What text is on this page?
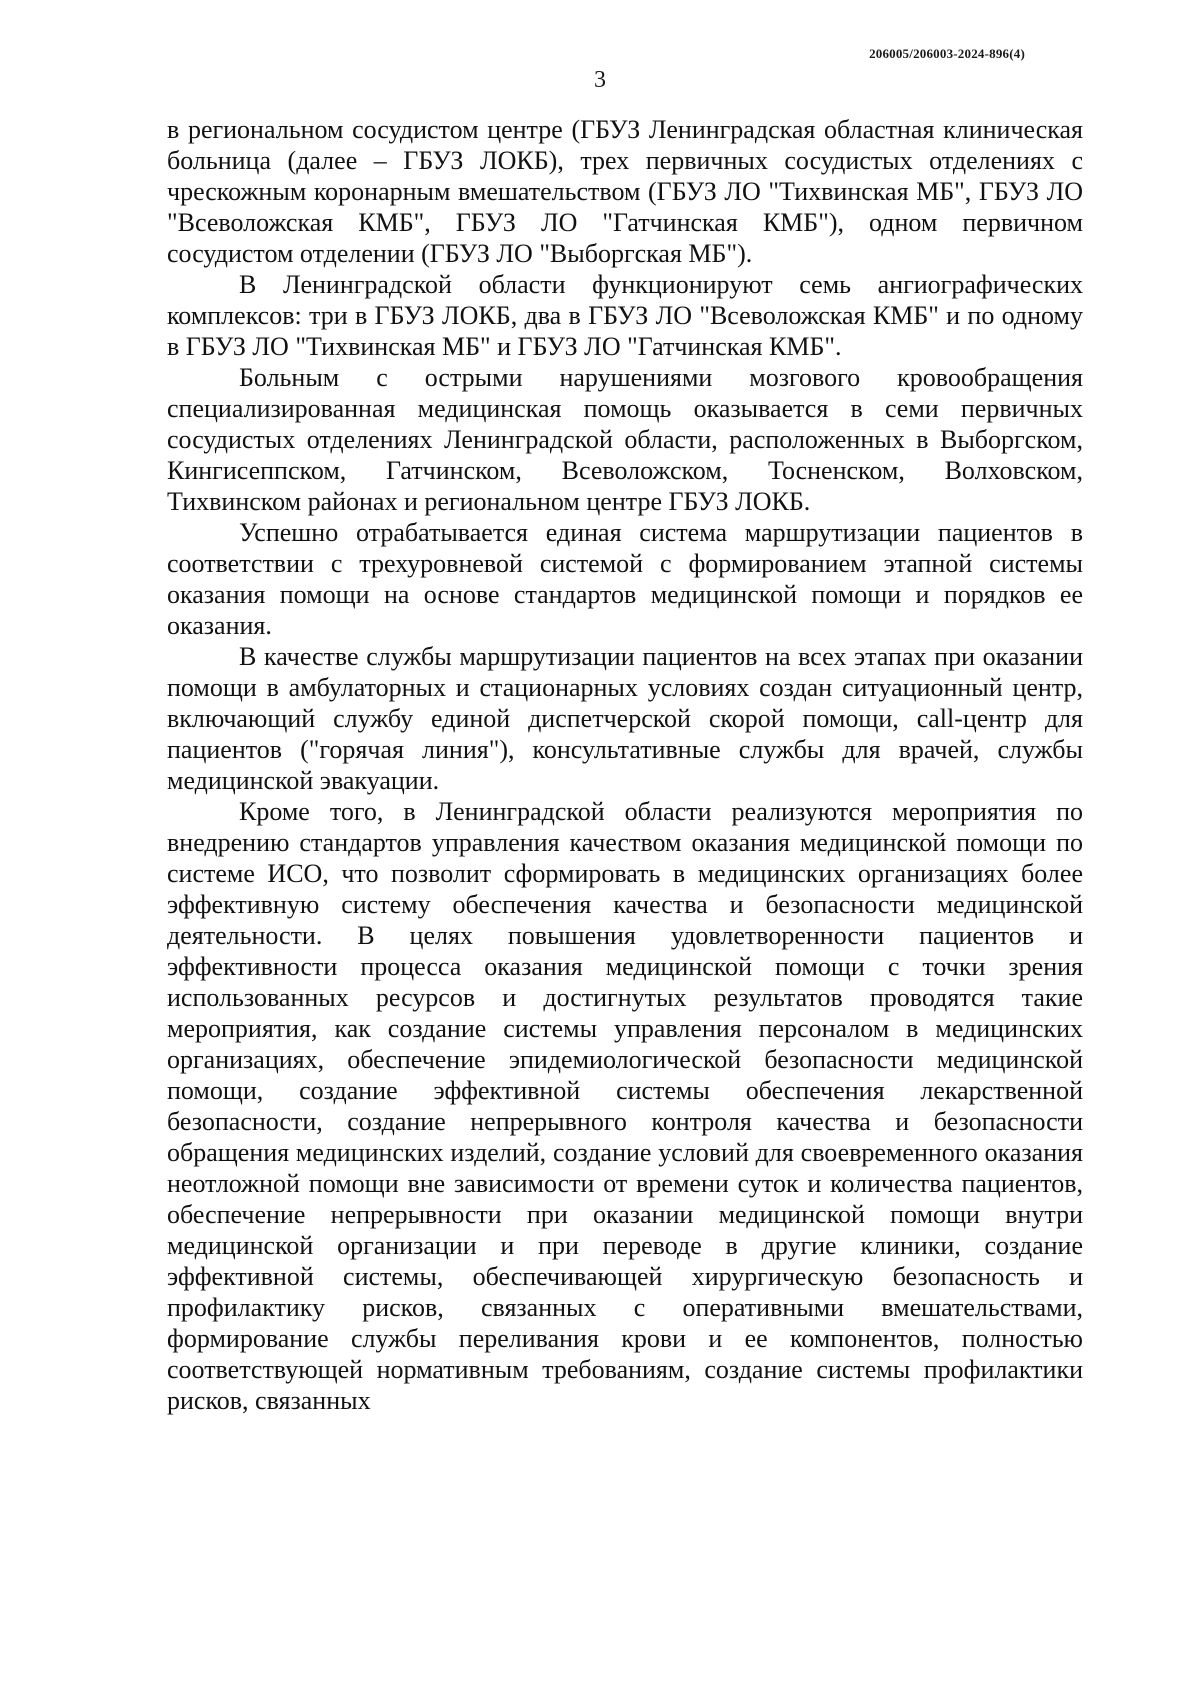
206005/206003-2024-896(4)
3

в региональном сосудистом центре (ГБУЗ Ленинградская областная клиническая больница (далее – ГБУЗ ЛОКБ), трех первичных сосудистых отделениях с чрескожным коронарным вмешательством (ГБУЗ ЛО "Тихвинская МБ", ГБУЗ ЛО "Всеволожская КМБ", ГБУЗ ЛО "Гатчинская КМБ"), одном первичном сосудистом отделении (ГБУЗ ЛО "Выборгская МБ").

В Ленинградской области функционируют семь ангиографических комплексов: три в ГБУЗ ЛОКБ, два в ГБУЗ ЛО "Всеволожская КМБ" и по одному в ГБУЗ ЛО "Тихвинская МБ" и ГБУЗ ЛО "Гатчинская КМБ".

Больным с острыми нарушениями мозгового кровообращения специализированная медицинская помощь оказывается в семи первичных сосудистых отделениях Ленинградской области, расположенных в Выборгском, Кингисеппском, Гатчинском, Всеволожском, Тосненском, Волховском, Тихвинском районах и региональном центре ГБУЗ ЛОКБ.

Успешно отрабатывается единая система маршрутизации пациентов в соответствии с трехуровневой системой с формированием этапной системы оказания помощи на основе стандартов медицинской помощи и порядков ее оказания.

В качестве службы маршрутизации пациентов на всех этапах при оказании помощи в амбулаторных и стационарных условиях создан ситуационный центр, включающий службу единой диспетчерской скорой помощи, call-центр для пациентов ("горячая линия"), консультативные службы для врачей, службы медицинской эвакуации.

Кроме того, в Ленинградской области реализуются мероприятия по внедрению стандартов управления качеством оказания медицинской помощи по системе ИСО, что позволит сформировать в медицинских организациях более эффективную систему обеспечения качества и безопасности медицинской деятельности. В целях повышения удовлетворенности пациентов и эффективности процесса оказания медицинской помощи с точки зрения использованных ресурсов и достигнутых результатов проводятся такие мероприятия, как создание системы управления персоналом в медицинских организациях, обеспечение эпидемиологической безопасности медицинской помощи, создание эффективной системы обеспечения лекарственной безопасности, создание непрерывного контроля качества и безопасности обращения медицинских изделий, создание условий для своевременного оказания неотложной помощи вне зависимости от времени суток и количества пациентов, обеспечение непрерывности при оказании медицинской помощи внутри медицинской организации и при переводе в другие клиники, создание эффективной системы, обеспечивающей хирургическую безопасность и профилактику рисков, связанных с оперативными вмешательствами, формирование службы переливания крови и ее компонентов, полностью соответствующей нормативным требованиям, создание системы профилактики рисков, связанных
